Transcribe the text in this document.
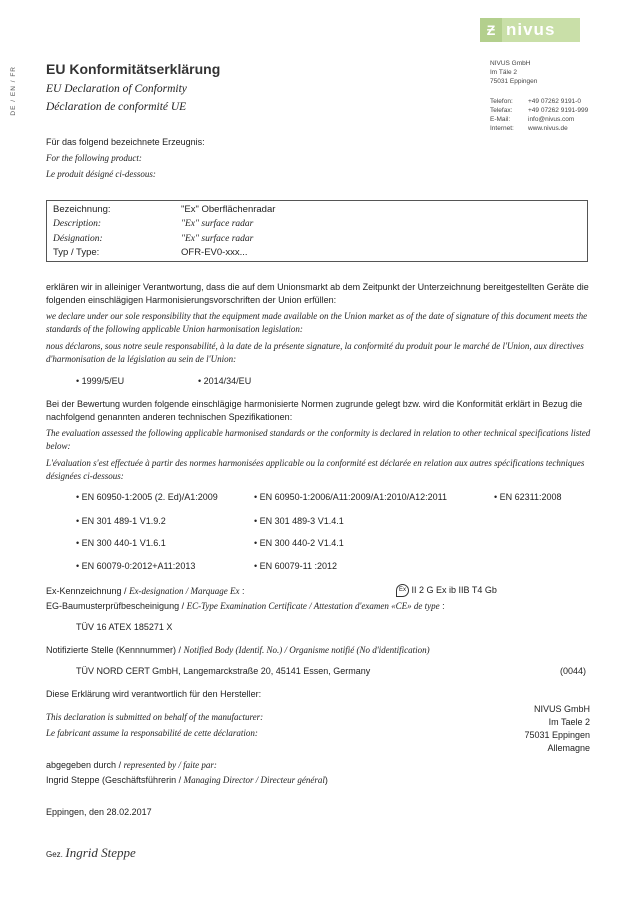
DE / EN / FR
Ƶ nivus
EU Konformitätserklärung
EU Declaration of Conformity
Déclaration de conformité UE
NIVUS GmbH
Im Täle 2
75031 Eppingen
Telefon: +49 07262 9191-0
Telefax: +49 07262 9191-999
E-Mail:	info@nivus.com
Internet: www.nivus.de
Für das folgend bezeichnete Erzeugnis:
For the following product:
Le produit désigné ci-dessous:
Bezeichnung:	"Ex" Oberflächenradar
Description:	"Ex" surface radar
Désignation:	"Ex" surface radar
Typ / Type:	OFR-EV0-xxx...
erklären wir in alleiniger Verantwortung, dass die auf dem Unionsmarkt ab dem Zeitpunkt der Unterzeichnung bereitgestellten Geräte die folgenden einschlägigen Harmonisierungsvorschriften der Union erfüllen:
we declare under our sole responsibility that the equipment made available on the Union market as of the date of signature of this document meets the standards of the following applicable Union harmonisation legislation:
nous déclarons, sous notre seule responsabilité, à la date de la présente signature, la conformité du produit pour le marché de l'Union, aux directives d'harmonisation de la législation au sein de l'Union:
• 1999/5/EU	• 2014/34/EU
Bei der Bewertung wurden folgende einschlägige harmonisierte Normen zugrunde gelegt bzw. wird die Konformität erklärt in Bezug die nachfolgend genannten anderen technischen Spezifikationen:
The evaluation assessed the following applicable harmonised standards or the conformity is declared in relation to other technical specifications listed below:
L'évaluation s'est effectuée à partir des normes harmonisées applicable ou la conformité est déclarée en relation aux autres spécifications techniques désignées ci-dessous:
• EN 60950-1:2005 (2. Ed)/A1:2009	• EN 60950-1:2006/A11:2009/A1:2010/A12:2011	• EN 62311:2008
• EN 301 489-1 V1.9.2	• EN 301 489-3 V1.4.1
• EN 300 440-1 V1.6.1	• EN 300 440-2 V1.4.1
• EN 60079-0:2012+A11:2013	• EN 60079-11 :2012
Ex-Kennzeichnung / Ex-designation / Marquage Ex :	Ex II 2 G Ex ib IIB T4 Gb
EG-Baumusterprüfbescheinigung / EC-Type Examination Certificate / Attestation d'examen «CE» de type :
TÜV 16 ATEX 185271 X
Notifizierte Stelle (Kennnummer) / Notified Body (Identif. No.) / Organisme notifié (No d'identification)
TÜV NORD CERT GmbH, Langemarckstraße 20, 45141 Essen, Germany	(0044)
Diese Erklärung wird verantwortlich für den Hersteller:
This declaration is submitted on behalf of the manufacturer:
Le fabricant assume la responsabilité de cette déclaration:
NIVUS GmbH
Im Taele 2
75031 Eppingen
Allemagne
abgegeben durch / represented by / faite par:
Ingrid Steppe (Geschäftsführerin / Managing Director / Directeur général)
Eppingen, den 28.02.2017
Gez. Ingrid Steppe
